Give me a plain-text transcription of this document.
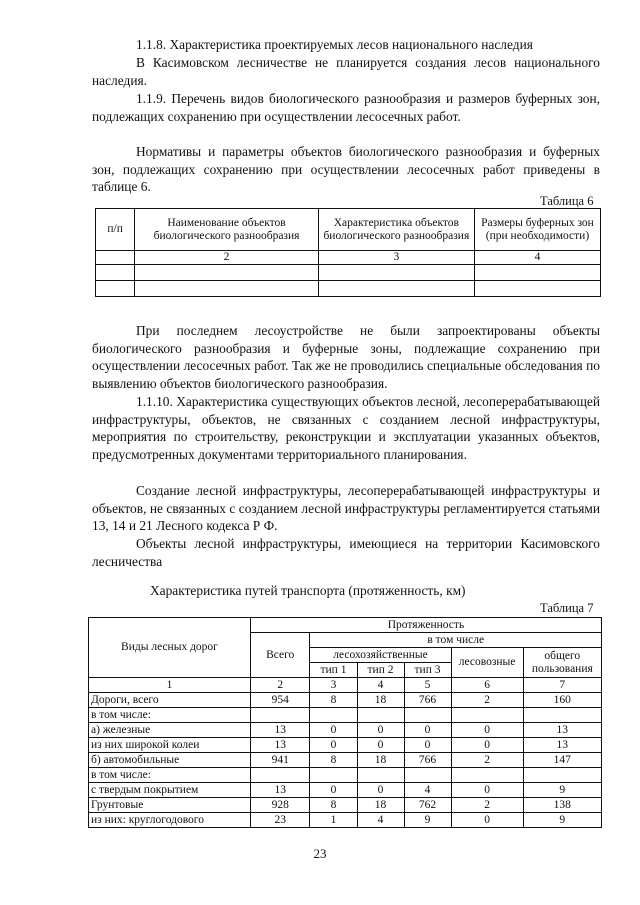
1.1.8. Характеристика проектируемых лесов национального наследия

В Касимовском лесничестве не планируется создания лесов национального наследия.

1.1.9. Перечень видов биологического разнообразия и размеров буферных зон, подлежащих сохранению при осуществлении лесосечных работ.

Нормативы и параметры объектов биологического разнообразия и буферных зон, подлежащих сохранению при осуществлении лесосечных работ приведены в таблице 6.

Таблица 6
п/п	Наименование объектов биологического разнообразия	Характеристика объектов биологического разнообразия	Размеры буферных зон (при необходимости)
	2	3	4

При последнем лесоустройстве не были запроектированы объекты биологического разнообразия и буферные зоны, подлежащие сохранению при осуществлении лесосечных работ. Так же не проводились специальные обследования по выявлению объектов биологического разнообразия.

1.1.10. Характеристика существующих объектов лесной, лесоперерабатывающей инфраструктуры, объектов, не связанных с созданием лесной инфраструктуры, мероприятия по строительству, реконструкции и эксплуатации указанных объектов, предусмотренных документами территориального планирования.

Создание лесной инфраструктуры, лесоперерабатывающей инфраструктуры и объектов, не связанных с созданием лесной инфраструктуры регламентируется статьями 13, 14 и 21 Лесного кодекса Р Ф.

Объекты лесной инфраструктуры, имеющиеся на территории Касимовского лесничества

Характеристика путей транспорта (протяженность, км)
Таблица 7
Виды лесных дорог	Протяженность					
	Всего	в том числе				
		лесохозяйственные			лесовозные	общего пользования
		тип 1	тип 2	тип 3		
1	2	3	4	5	6	7
Дороги, всего	954	8	18	766	2	160
в том числе:						
а) железные	13	0	0	0	0	13
из них широкой колеи	13	0	0	0	0	13
б) автомобильные	941	8	18	766	2	147
в том числе:						
с твердым покрытием	13	0	0	4	0	9
Грунтовые	928	8	18	762	2	138
из них: круглогодового	23	1	4	9	0	9
23
